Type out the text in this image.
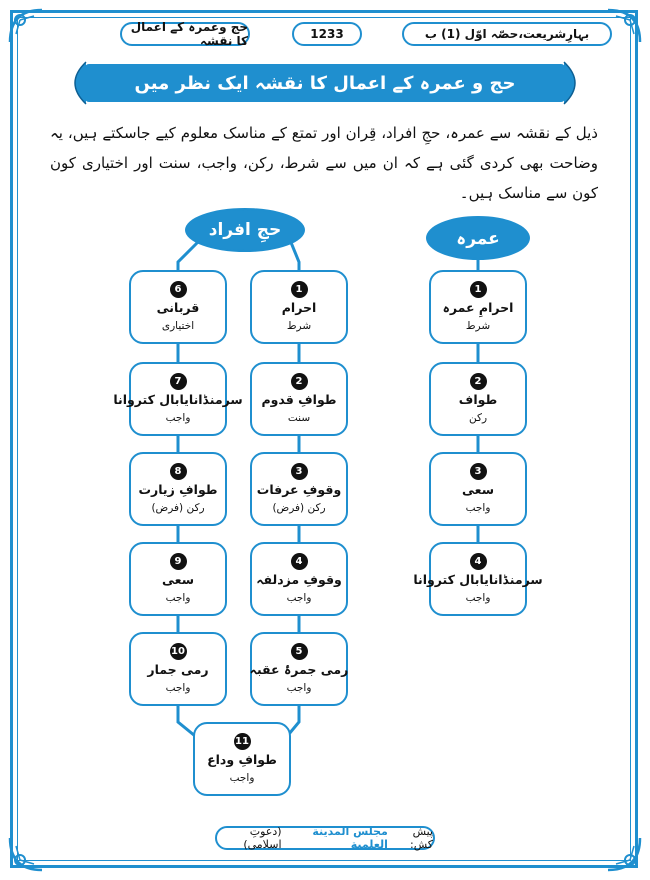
بہارِشریعت،حصّہ اوّل (1) ب
1233
حج وعمرہ کے اعمال کا نقشہ
حج و عمرہ کے اعمال کا نقشہ ایک نظر میں
ذیل کے نقشہ سے عمرہ، حجِ افراد، قِران اور تمتع کے مناسک معلوم کیے جاسکتے ہیں، یہ وضاحت بھی کردی گئی ہے کہ ان میں سے شرط، رکن، واجب، سنت اور اختیاری کون کون سے مناسک ہیں۔
حجِ افراد	عمرہ
1
احرامِ عمرہ
شرط
2
طواف
رکن
3
سعی
واجب
4
سرمنڈانایابال کتروانا
واجب
1
احرام
شرط
2
طوافِ قدوم
سنت
3
وقوفِ عرفات
رکن (فرض)
4
وقوفِ مزدلفہ
واجب
5
رمی جمرۂ عقبہ
واجب
6
قربانی
اختیاری
7
سرمنڈانایابال کتروانا
واجب
8
طوافِ زیارت
رکن (فرض)
9
سعی
واجب
10
رمی جمار
واجب
11
طوافِ وداع
واجب
پیش کش:
مجلس المدینة العلمیة
(دعوتِ اسلامی)
